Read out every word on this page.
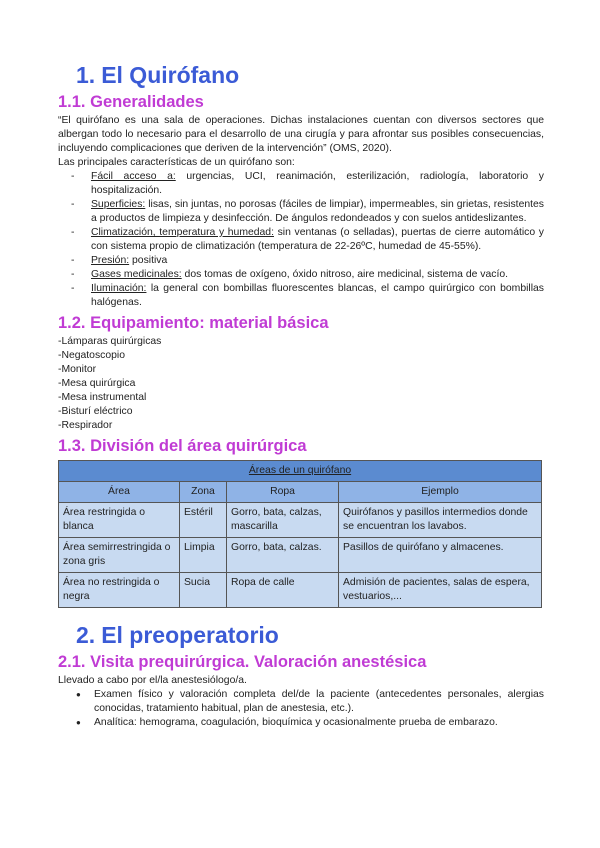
1. El Quirófano
1.1. Generalidades

“El quirófano es una sala de operaciones. Dichas instalaciones cuentan con diversos sectores que albergan todo lo necesario para el desarrollo de una cirugía y para afrontar sus posibles consecuencias, incluyendo complicaciones que deriven de la intervención” (OMS, 2020).

Las principales características de un quirófano son:

- Fácil acceso a: urgencias, UCI, reanimación, esterilización, radiología, laboratorio y hospitalización.
- Superficies: lisas, sin juntas, no porosas (fáciles de limpiar), impermeables, sin grietas, resistentes a productos de limpieza y desinfección. De ángulos redondeados y con suelos antideslizantes.
- Climatización, temperatura y humedad: sin ventanas (o selladas), puertas de cierre automático y con sistema propio de climatización (temperatura de 22-26ºC, humedad de 45-55%).
- Presión: positiva
- Gases medicinales: dos tomas de oxígeno, óxido nitroso, aire medicinal, sistema de vacío.
- Iluminación: la general con bombillas fluorescentes blancas, el campo quirúrgico con bombillas halógenas.
1.2. Equipamiento: material básica

-Lámparas quirúrgicas

-Negatoscopio

-Monitor

-Mesa quirúrgica

-Mesa instrumental

-Bisturí eléctrico

-Respirador

1.3. División del área quirúrgica
Áreas de un quirófano			
Área	Zona	Ropa	Ejemplo
Área restringida o blanca	Estéril	Gorro, bata, calzas, mascarilla	Quirófanos y pasillos intermedios donde se encuentran los lavabos.
Área semirrestringida o zona gris	Limpia	Gorro, bata, calzas.	Pasillos de quirófano y almacenes.
Área no restringida o negra	Sucia	Ropa de calle	Admisión de pacientes, salas de espera, vestuarios,...
2. El preoperatorio
2.1. Visita prequirúrgica. Valoración anestésica

Llevado a cabo por el/la anestesiólogo/a.

● Examen físico y valoración completa del/de la paciente (antecedentes personales, alergias conocidas, tratamiento habitual, plan de anestesia, etc.).
● Analítica: hemograma, coagulación, bioquímica y ocasionalmente prueba de embarazo.
